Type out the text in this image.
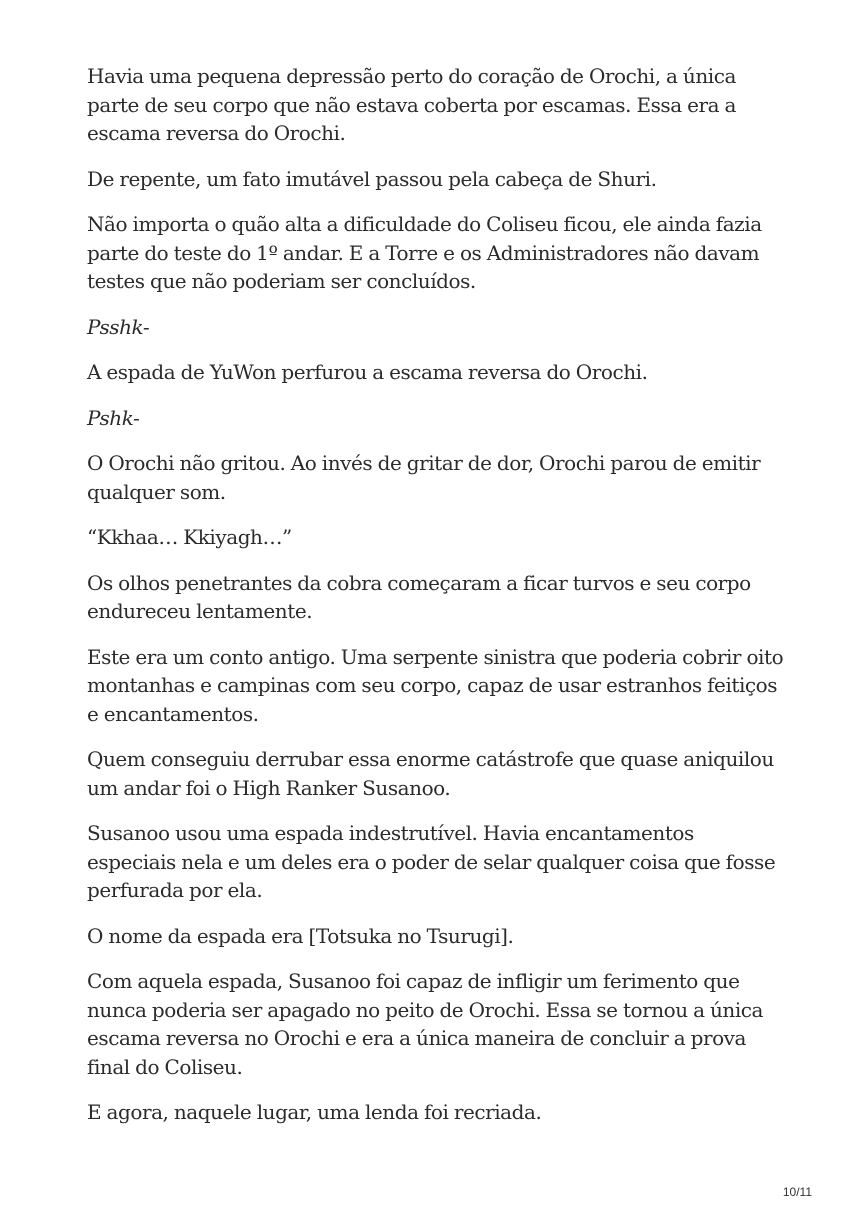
Havia uma pequena depressão perto do coração de Orochi, a única parte de seu corpo que não estava coberta por escamas. Essa era a escama reversa do Orochi.

De repente, um fato imutável passou pela cabeça de Shuri.

Não importa o quão alta a dificuldade do Coliseu ficou, ele ainda fazia parte do teste do 1º andar. E a Torre e os Administradores não davam testes que não poderiam ser concluídos.

Psshk-

A espada de YuWon perfurou a escama reversa do Orochi.

Pshk-

O Orochi não gritou. Ao invés de gritar de dor, Orochi parou de emitir qualquer som.

“Kkhaa… Kkiyagh…”

Os olhos penetrantes da cobra começaram a ficar turvos e seu corpo endureceu lentamente.

Este era um conto antigo. Uma serpente sinistra que poderia cobrir oito montanhas e campinas com seu corpo, capaz de usar estranhos feitiços e encantamentos.

Quem conseguiu derrubar essa enorme catástrofe que quase aniquilou um andar foi o High Ranker Susanoo.

Susanoo usou uma espada indestrutível. Havia encantamentos especiais nela e um deles era o poder de selar qualquer coisa que fosse perfurada por ela.

O nome da espada era [Totsuka no Tsurugi].

Com aquela espada, Susanoo foi capaz de infligir um ferimento que nunca poderia ser apagado no peito de Orochi. Essa se tornou a única escama reversa no Orochi e era a única maneira de concluir a prova final do Coliseu.

E agora, naquele lugar, uma lenda foi recriada.

10/11
